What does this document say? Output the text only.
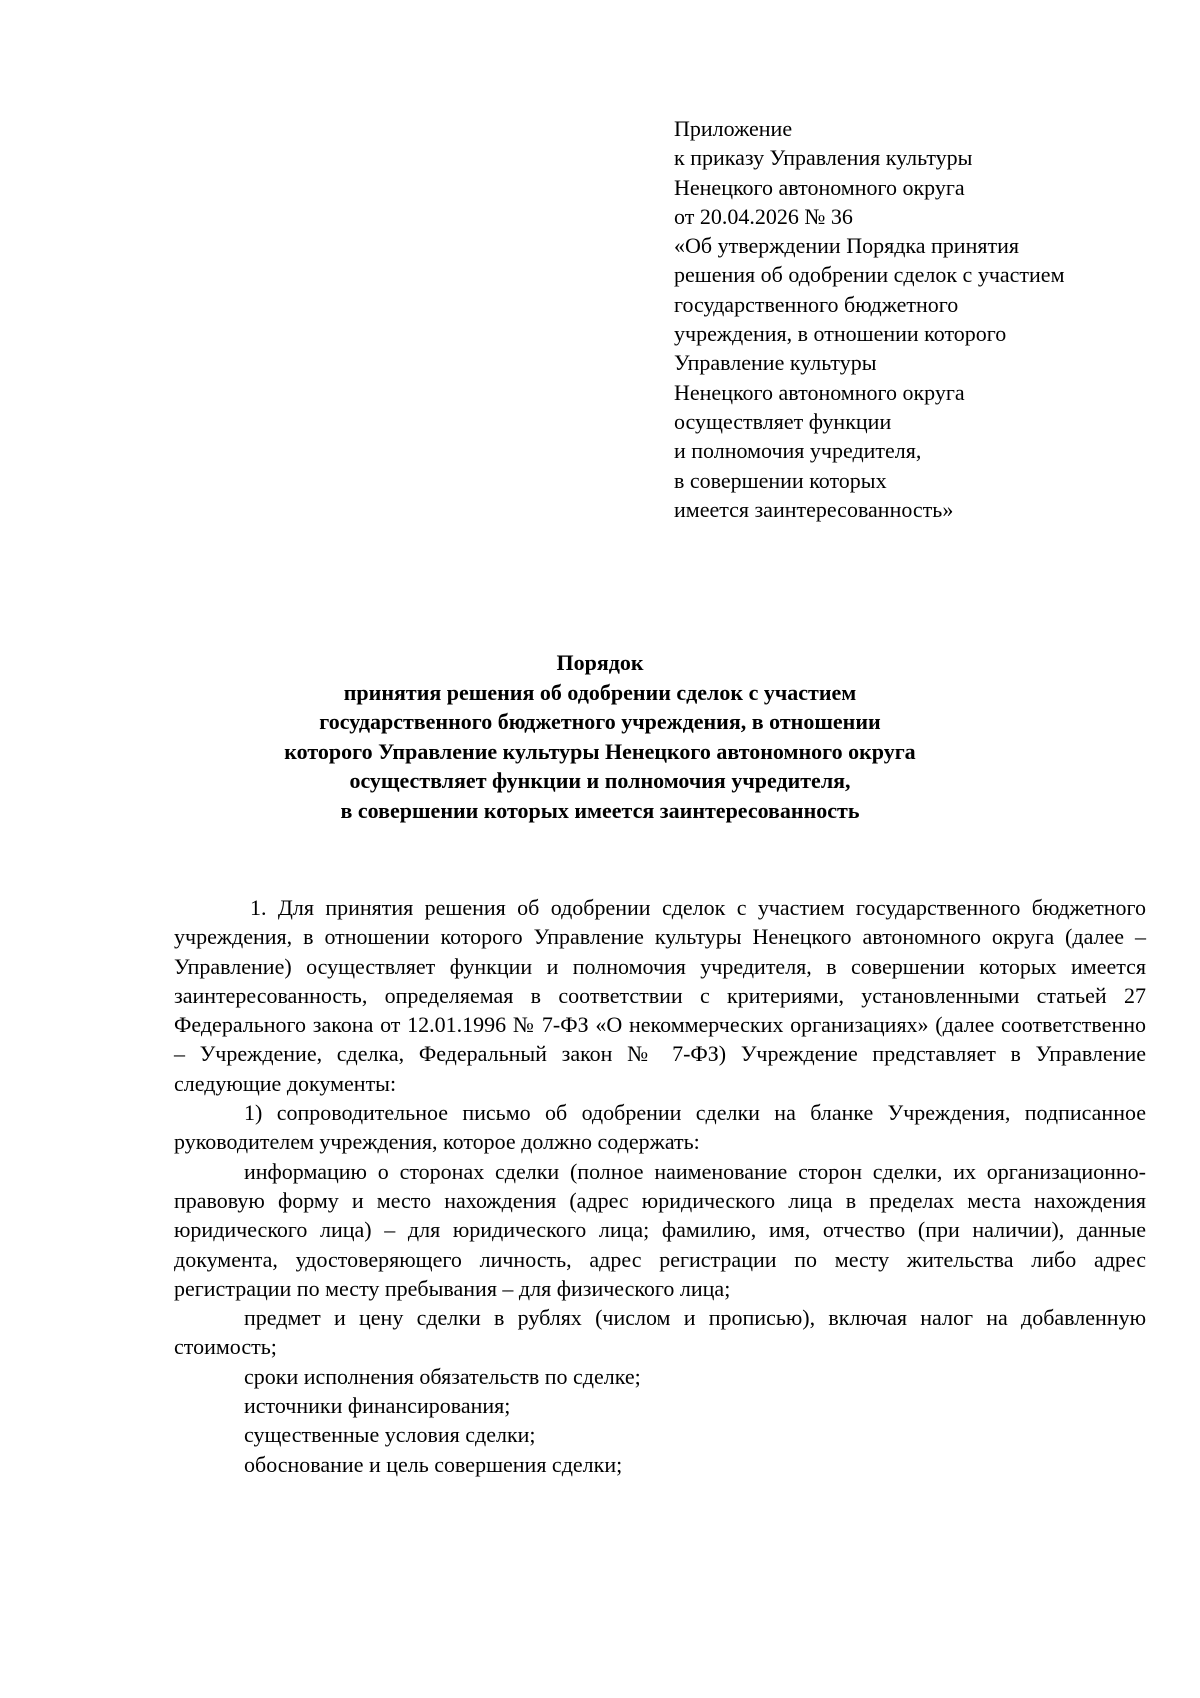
Приложение
к приказу Управления культуры
Ненецкого автономного округа
от 20.04.2026 № 36
«Об утверждении Порядка принятия
решения об одобрении сделок с участием
государственного бюджетного
учреждения, в отношении которого
Управление культуры
Ненецкого автономного округа
осуществляет функции
и полномочия учредителя,
в совершении которых
имеется заинтересованность»
Порядок
принятия решения об одобрении сделок с участием
государственного бюджетного учреждения, в отношении
которого Управление культуры Ненецкого автономного округа
осуществляет функции и полномочия учредителя,
в совершении которых имеется заинтересованность

1. Для принятия решения об одобрении сделок с участием государственного бюджетного учреждения, в отношении которого Управление культуры Ненецкого автономного округа (далее – Управление) осуществляет функции и полномочия учредителя, в совершении которых имеется заинтересованность, определяемая в соответствии с критериями, установленными статьей 27 Федерального закона от 12.01.1996 № 7-ФЗ «О некоммерческих организациях» (далее соответственно – Учреждение, сделка, Федеральный закон № 7-ФЗ) Учреждение представляет в Управление следующие документы:

1) сопроводительное письмо об одобрении сделки на бланке Учреждения, подписанное руководителем учреждения, которое должно содержать:

информацию о сторонах сделки (полное наименование сторон сделки, их организационно-правовую форму и место нахождения (адрес юридического лица в пределах места нахождения юридического лица) – для юридического лица; фамилию, имя, отчество (при наличии), данные документа, удостоверяющего личность, адрес регистрации по месту жительства либо адрес регистрации по месту пребывания – для физического лица;

предмет и цену сделки в рублях (числом и прописью), включая налог на добавленную стоимость;

сроки исполнения обязательств по сделке;

источники финансирования;

существенные условия сделки;

обоснование и цель совершения сделки;
